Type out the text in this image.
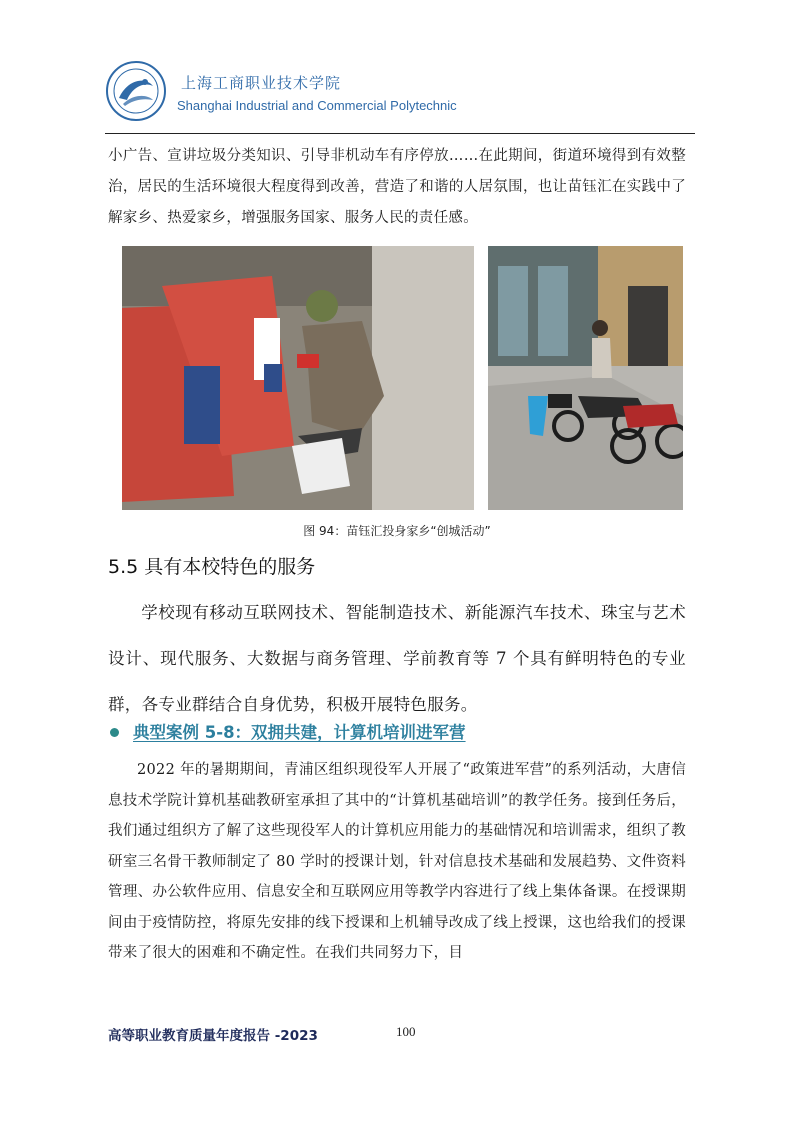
上海工商职业技术学院
Shanghai Industrial and Commercial Polytechnic
小广告、宣讲垃圾分类知识、引导非机动车有序停放……在此期间，街道环境得到有效整治，居民的生活环境很大程度得到改善，营造了和谐的人居氛围，也让苗钰汇在实践中了解家乡、热爱家乡，增强服务国家、服务人民的责任感。
图 94：苗钰汇投身家乡“创城活动”
5.5 具有本校特色的服务
学校现有移动互联网技术、智能制造技术、新能源汽车技术、珠宝与艺术设计、现代服务、大数据与商务管理、学前教育等 7 个具有鲜明特色的专业群，各专业群结合自身优势，积极开展特色服务。
典型案例 5-8：双拥共建，计算机培训进军营
2022 年的暑期期间，青浦区组织现役军人开展了“政策进军营”的系列活动，大唐信息技术学院计算机基础教研室承担了其中的“计算机基础培训”的教学任务。接到任务后，我们通过组织方了解了这些现役军人的计算机应用能力的基础情况和培训需求，组织了教研室三名骨干教师制定了 80 学时的授课计划，针对信息技术基础和发展趋势、文件资料管理、办公软件应用、信息安全和互联网应用等教学内容进行了线上集体备课。在授课期间由于疫情防控，将原先安排的线下授课和上机辅导改成了线上授课，这也给我们的授课带来了很大的困难和不确定性。在我们共同努力下，目
高等职业教育质量年度报告 -2023	100
